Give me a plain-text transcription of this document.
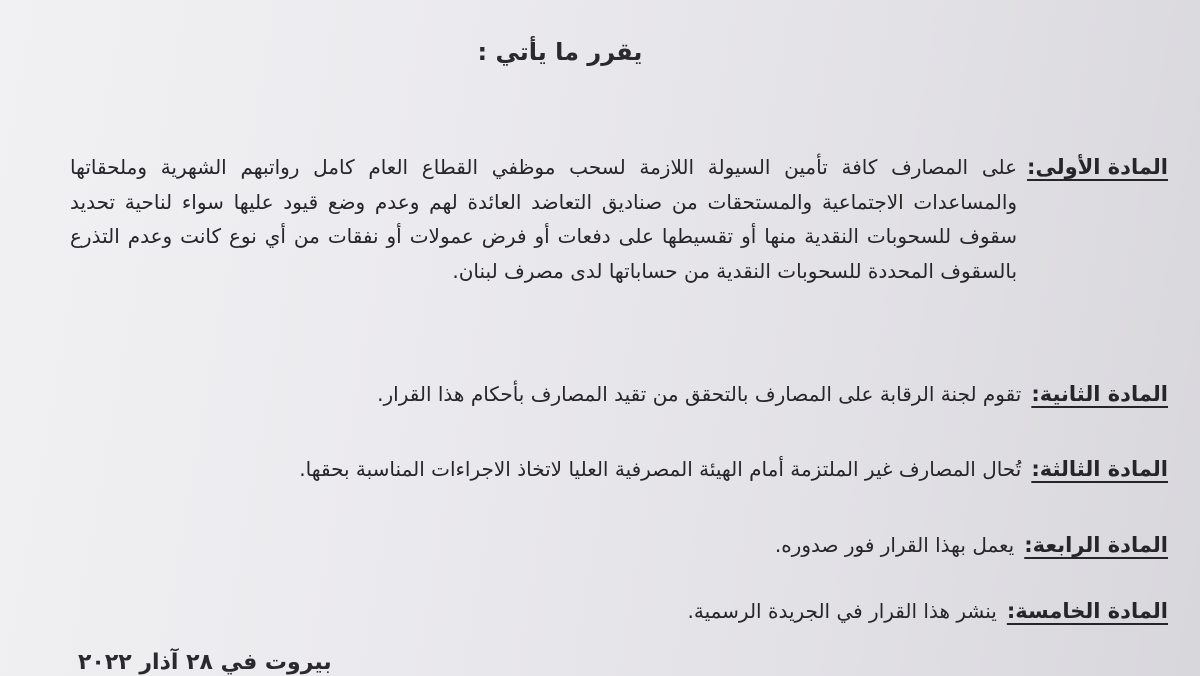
يقرر ما يأتي :
المادة الأولى:
على المصارف كافة تأمين السيولة اللازمة لسحب موظفي القطاع العام كامل رواتبهم الشهرية وملحقاتها والمساعدات الاجتماعية والمستحقات من صناديق التعاضد العائدة لهم وعدم وضع قيود عليها سواء لناحية تحديد سقوف للسحوبات النقدية منها أو تقسيطها على دفعات أو فرض عمولات أو نفقات من أي نوع كانت وعدم التذرع بالسقوف المحددة للسحوبات النقدية من حساباتها لدى مصرف لبنان.
المادة الثانية:
تقوم لجنة الرقابة على المصارف بالتحقق من تقيد المصارف بأحكام هذا القرار.
المادة الثالثة:
تُحال المصارف غير الملتزمة أمام الهيئة المصرفية العليا لاتخاذ الاجراءات المناسبة بحقها.
المادة الرابعة:
يعمل بهذا القرار فور صدوره.
المادة الخامسة:
ينشر هذا القرار في الجريدة الرسمية.
بيروت في ٢٨ آذار ٢٠٢٢
